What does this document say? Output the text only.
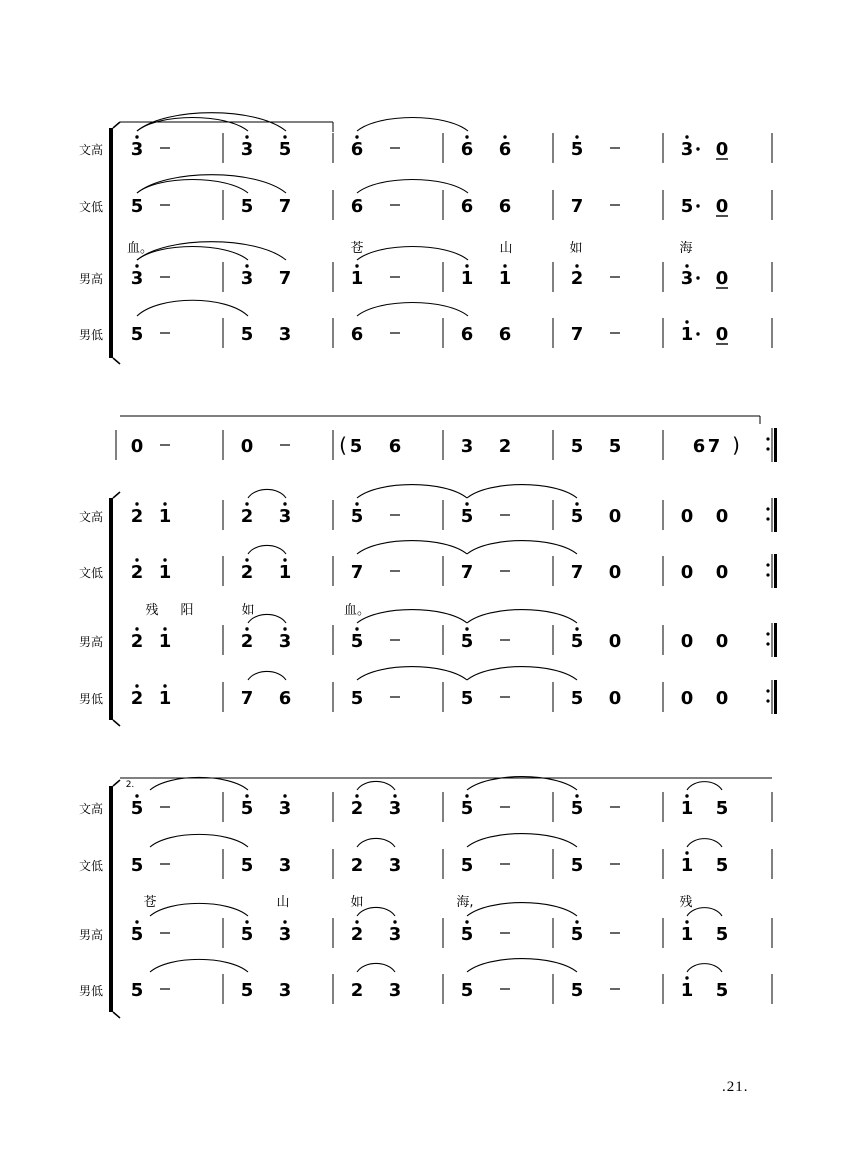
文高 3	3 5	6	6 6	5	3 0
文低 5	5 7	6	6 6	7	5 0
男高 3	3 7	1	1 1	2	3 0
男低 5	5 3	6	6 6	7	1 0
血。	苍	山	如	海
0	0	( 5 6	3 2	5 5	6 7 )
文高 2 1	2 3	5	5	5 0	0 0
文低 2 1	2 1	7	7	7 0	0 0
男高 2 1	2 3	5	5	5 0	0 0
男低 2 1	7 6	5	5	5 0	0 0
残 阳	如	血。
2.
文高 5	5 3	2 3	5	5	1 5
文低 5	5 3	2 3	5	5	1 5
男高 5	5 3	2 3	5	5	1 5
男低 5	5 3	2 3	5	5	1 5
苍	山	如	海,	残
.21.
